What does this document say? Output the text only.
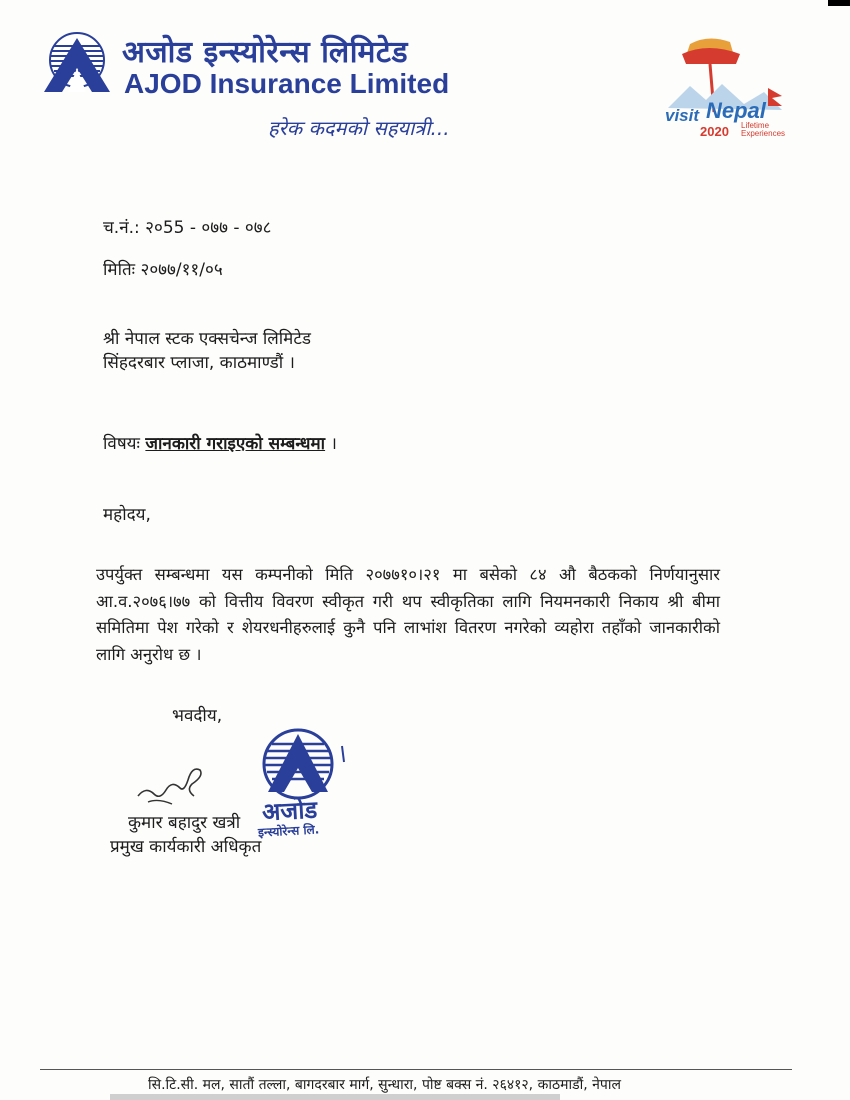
अजोड इन्स्योरेन्स लिमिटेड
AJOD Insurance Limited
हरेक कदमको सहयात्री...
visit Nepal
2020 Lifetime
Experiences
च.नं.: २०55 - ०७७ - ०७८
मितिः २०७७/११/०५
श्री नेपाल स्टक एक्सचेन्ज लिमिटेड
सिंहदरबार प्लाजा, काठमाण्डौं ।
विषयः जानकारी गराइएको सम्बन्धमा ।
महोदय,
उपर्युक्त सम्बन्धमा यस कम्पनीको मिति २०७७१०।२१ मा बसेको ८४ औ बैठकको निर्णयानुसार आ.व.२०७६।७७ को वित्तीय विवरण स्वीकृत गरी थप स्वीकृतिका लागि नियमनकारी निकाय श्री बीमा समितिमा पेश गरेको र शेयरधनीहरुलाई कुनै पनि लाभांश वितरण नगरेको व्यहोरा तहाँको जानकारीको लागि अनुरोध छ ।
भवदीय,
कुमार बहादुर खत्री
प्रमुख कार्यकारी अधिकृत
अजोड
इन्स्योरेन्स लि.
सि.टि.सी. मल, सातौं तल्ला, बागदरबार मार्ग, सुन्धारा, पोष्ट बक्स नं. २६४१२, काठमाडौं, नेपाल
